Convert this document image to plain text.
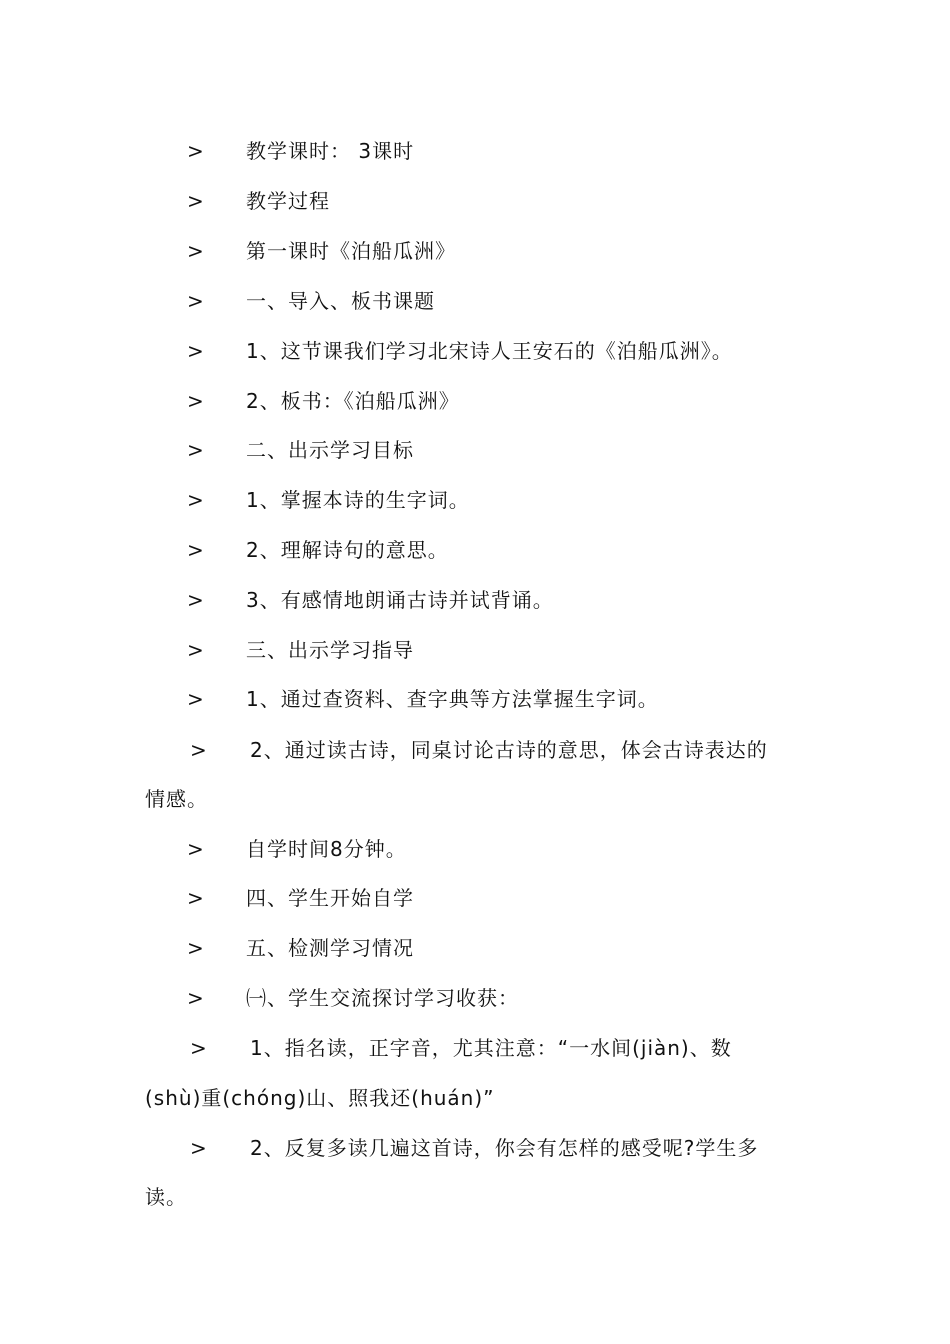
> 教学课时： 3课时
> 教学过程
> 第一课时《泊船瓜洲》
> 一、导入、板书课题
> 1、这节课我们学习北宋诗人王安石的《泊船瓜洲》。
> 2、板书：《泊船瓜洲》
> 二、出示学习目标
> 1、掌握本诗的生字词。
> 2、理解诗句的意思。
> 3、有感情地朗诵古诗并试背诵。
> 三、出示学习指导
> 1、通过查资料、查字典等方法掌握生字词。
> 2、通过读古诗，同桌讨论古诗的意思，体会古诗表达的
情感。
> 自学时间8分钟。
> 四、学生开始自学
> 五、检测学习情况
> ㈠、学生交流探讨学习收获：
> 1、指名读，正字音，尤其注意：“一水间(jiàn)、数
(shù)重(chóng)山、照我还(huán)”
> 2、反复多读几遍这首诗，你会有怎样的感受呢?学生多
读。
